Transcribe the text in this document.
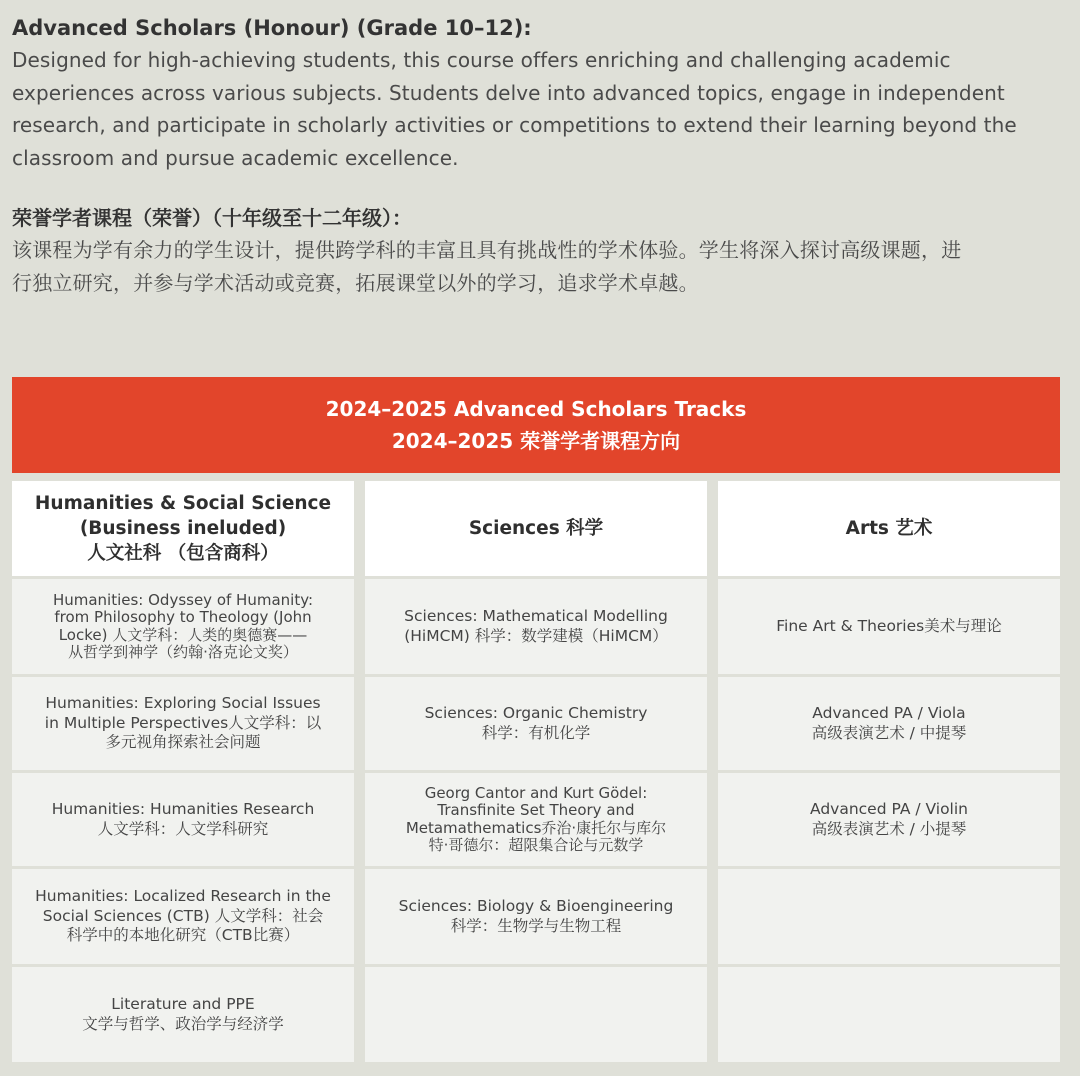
Advanced Scholars (Honour) (Grade 10–12):

Designed for high-achieving students, this course offers enriching and challenging academic
experiences across various subjects. Students delve into advanced topics, engage in independent
research, and participate in scholarly activities or competitions to extend their learning beyond the
classroom and pursue academic excellence.

荣誉学者课程（荣誉）（十年级至十二年级）：

该课程为学有余力的学生设计，提供跨学科的丰富且具有挑战性的学术体验。学生将深入探讨高级课题，进
行独立研究，并参与学术活动或竞赛，拓展课堂以外的学习，追求学术卓越。

2024–2025 Advanced Scholars Tracks
2024–2025 荣誉学者课程方向
Humanities & Social Science
(Business ineluded)
人文社科 （包含商科）
Sciences 科学	Arts 艺术
Humanities: Odyssey of Humanity:
from Philosophy to Theology (John
Locke) 人文学科：人类的奥德赛——
从哲学到神学（约翰·洛克论文奖）
Sciences: Mathematical Modelling
(HiMCM) 科学：数学建模（HiMCM）
Fine Art & Theories美术与理论
Humanities: Exploring Social Issues
in Multiple Perspectives人文学科：以
多元视角探索社会问题
Sciences: Organic Chemistry
科学：有机化学
Advanced PA / Viola
高级表演艺术 / 中提琴
Humanities: Humanities Research
人文学科：人文学科研究
Georg Cantor and Kurt Gödel:
Transfinite Set Theory and
Metamathematics乔治·康托尔与库尔
特·哥德尔：超限集合论与元数学
Advanced PA / Violin
高级表演艺术 / 小提琴
Humanities: Localized Research in the
Social Sciences (CTB) 人文学科：社会
科学中的本地化研究（CTB比赛）
Sciences: Biology & Bioengineering
科学：生物学与生物工程
Literature and PPE
文学与哲学、政治学与经济学
